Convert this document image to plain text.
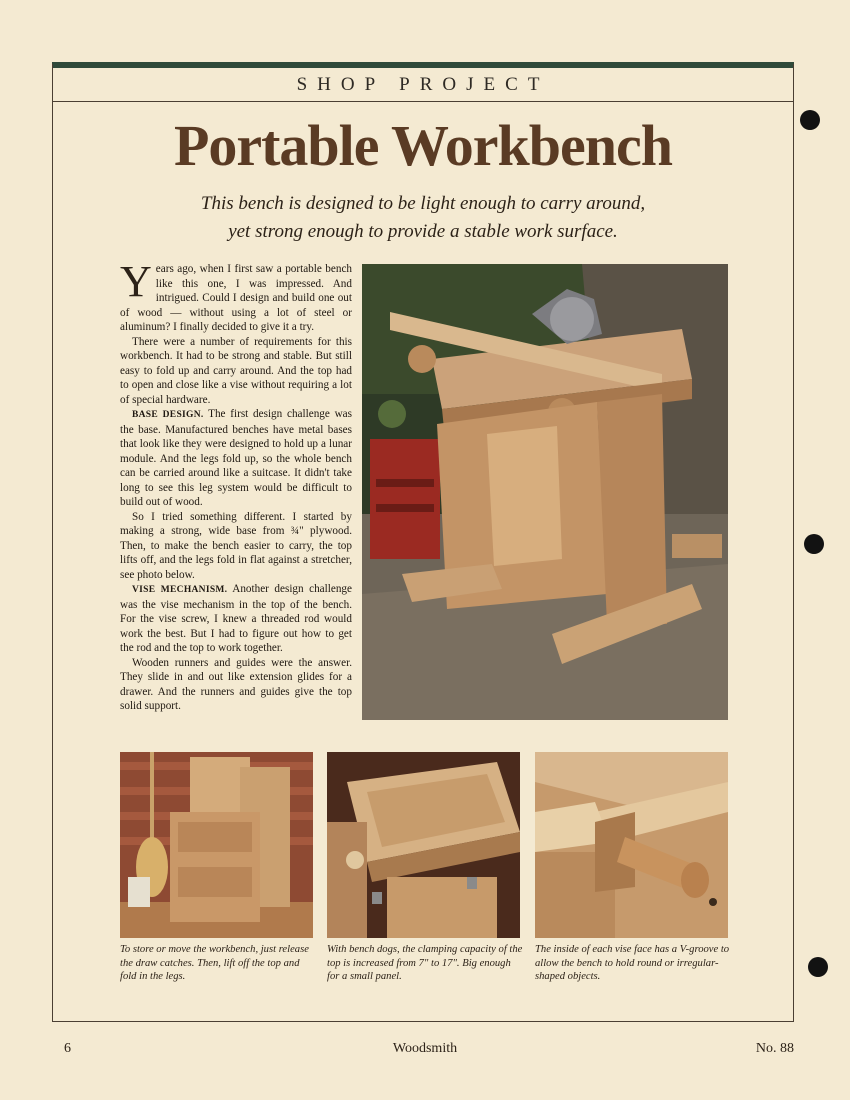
SHOP PROJECT
Portable Workbench

This bench is designed to be light enough to carry around,
yet strong enough to provide a stable work surface.

Years ago, when I first saw a portable bench like this one, I was impressed. And intrigued. Could I design and build one out of wood — without using a lot of steel or aluminum? I finally decided to give it a try.

There were a number of requirements for this workbench. It had to be strong and stable. But still easy to fold up and carry around. And the top had to open and close like a vise without requiring a lot of special hardware.

BASE DESIGN. The first design challenge was the base. Manufactured benches have metal bases that look like they were designed to hold up a lunar module. And the legs fold up, so the whole bench can be carried around like a suitcase. It didn't take long to see this leg system would be difficult to build out of wood.

So I tried something different. I started by making a strong, wide base from ¾" plywood. Then, to make the bench easier to carry, the top lifts off, and the legs fold in flat against a stretcher, see photo below.

VISE MECHANISM. Another design challenge was the vise mechanism in the top of the bench. For the vise screw, I knew a threaded rod would work the best. But I had to figure out how to get the rod and the top to work together.

Wooden runners and guides were the answer. They slide in and out like extension glides for a drawer. And the runners and guides give the top solid support.

To store or move the workbench, just release the draw catches. Then, lift off the top and fold in the legs.

With bench dogs, the clamping capacity of the top is increased from 7" to 17". Big enough for a small panel.

The inside of each vise face has a V-groove to allow the bench to hold round or irregular-shaped objects.

6	Woodsmith	No. 88
